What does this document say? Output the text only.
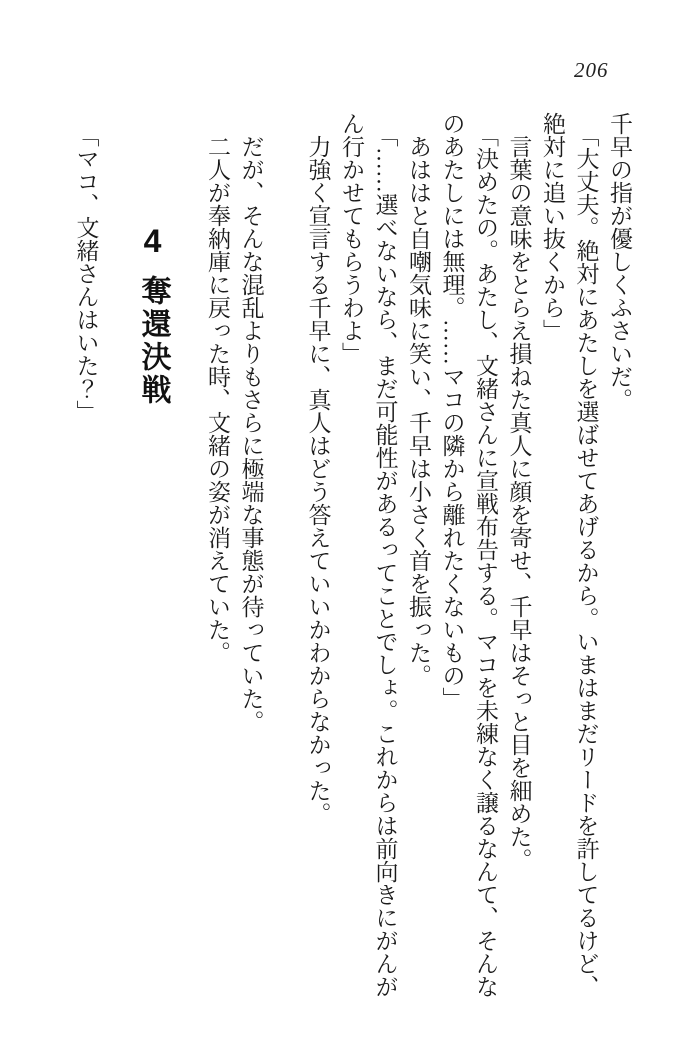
206

千早の指が優しくふさいだ。

「大丈夫。絶対にあたしを選ばせてあげるから。いまはまだリードを許してるけど、

絶対に追い抜くから」

言葉の意味をとらえ損ねた真人に顔を寄せ、千早はそっと目を細めた。

「決めたの。あたし、文緒さんに宣戦布告する。マコを未練なく譲るなんて、そんな

のあたしには無理。……マコの隣から離れたくないもの」

あははと自嘲気味に笑い、千早は小さく首を振った。

「……選べないなら、まだ可能性があるってことでしょ。これからは前向きにがんが

ん行かせてもらうわよ」

力強く宣言する千早に、真人はどう答えていいかわからなかった。

だが、そんな混乱よりもさらに極端な事態が待っていた。

二人が奉納庫に戻った時、文緒の姿が消えていた。

4奪還決戦

「マコ、文緒さんはいた？」
